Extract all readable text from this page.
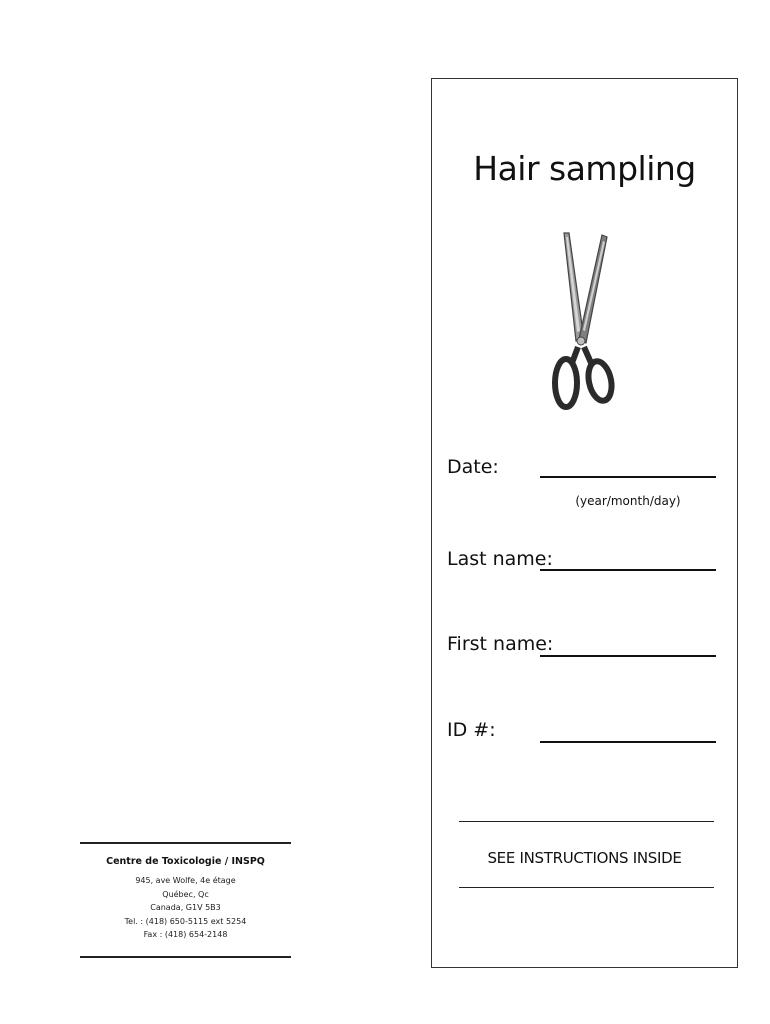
Hair sampling
Date:
(year/month/day)
Last name:
First name:
ID #:
SEE INSTRUCTIONS INSIDE
Centre de Toxicologie / INSPQ
945, ave Wolfe, 4e étage
Québec, Qc
Canada, G1V 5B3
Tel. : (418) 650-5115 ext 5254
Fax : (418) 654-2148
